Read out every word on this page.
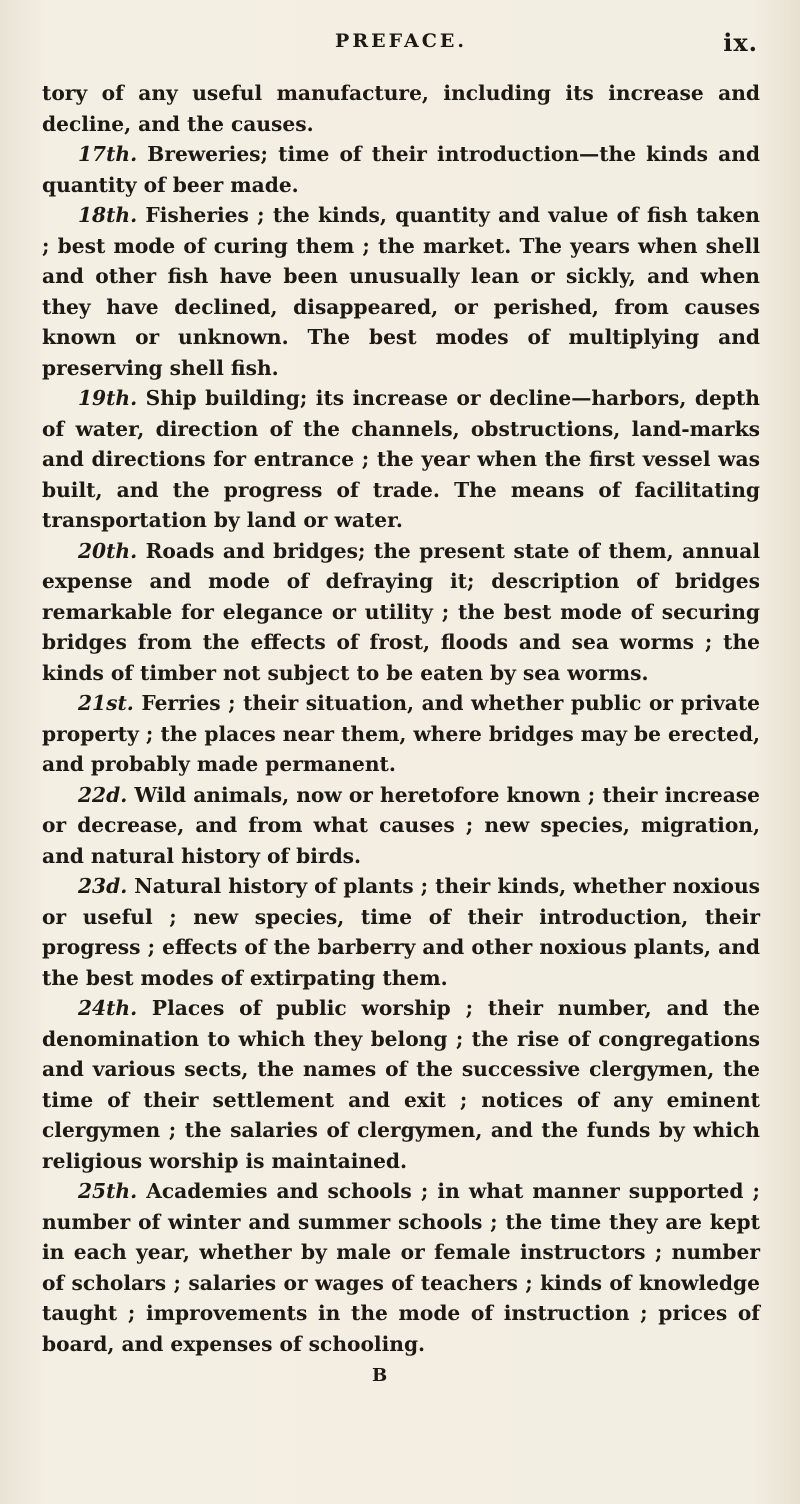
PREFACE.	ix.

tory of any useful manufacture, including its increase and decline, and the causes.

17th. Breweries; time of their introduction—the kinds and quantity of beer made.

18th. Fisheries ; the kinds, quantity and value of fish taken ; best mode of curing them ; the market. The years when shell and other fish have been unusually lean or sickly, and when they have declined, disappeared, or perished, from causes known or unknown. The best modes of multiplying and preserving shell fish.

19th. Ship building; its increase or decline—harbors, depth of water, direction of the channels, obstructions, land-marks and directions for entrance ; the year when the first vessel was built, and the progress of trade. The means of facilitating transportation by land or water.

20th. Roads and bridges; the present state of them, annual expense and mode of defraying it; description of bridges remarkable for elegance or utility ; the best mode of securing bridges from the effects of frost, floods and sea worms ; the kinds of timber not subject to be eaten by sea worms.

21st. Ferries ; their situation, and whether public or private property ; the places near them, where bridges may be erected, and probably made permanent.

22d. Wild animals, now or heretofore known ; their increase or decrease, and from what causes ; new species, migration, and natural history of birds.

23d. Natural history of plants ; their kinds, whether noxious or useful ; new species, time of their introduction, their progress ; effects of the barberry and other noxious plants, and the best modes of extirpating them.

24th. Places of public worship ; their number, and the denomination to which they belong ; the rise of congregations and various sects, the names of the successive clergymen, the time of their settlement and exit ; notices of any eminent clergymen ; the salaries of clergymen, and the funds by which religious worship is maintained.

25th. Academies and schools ; in what manner supported ; number of winter and summer schools ; the time they are kept in each year, whether by male or female instructors ; number of scholars ; salaries or wages of teachers ; kinds of knowledge taught ; improvements in the mode of instruction ; prices of board, and expenses of schooling.

B
